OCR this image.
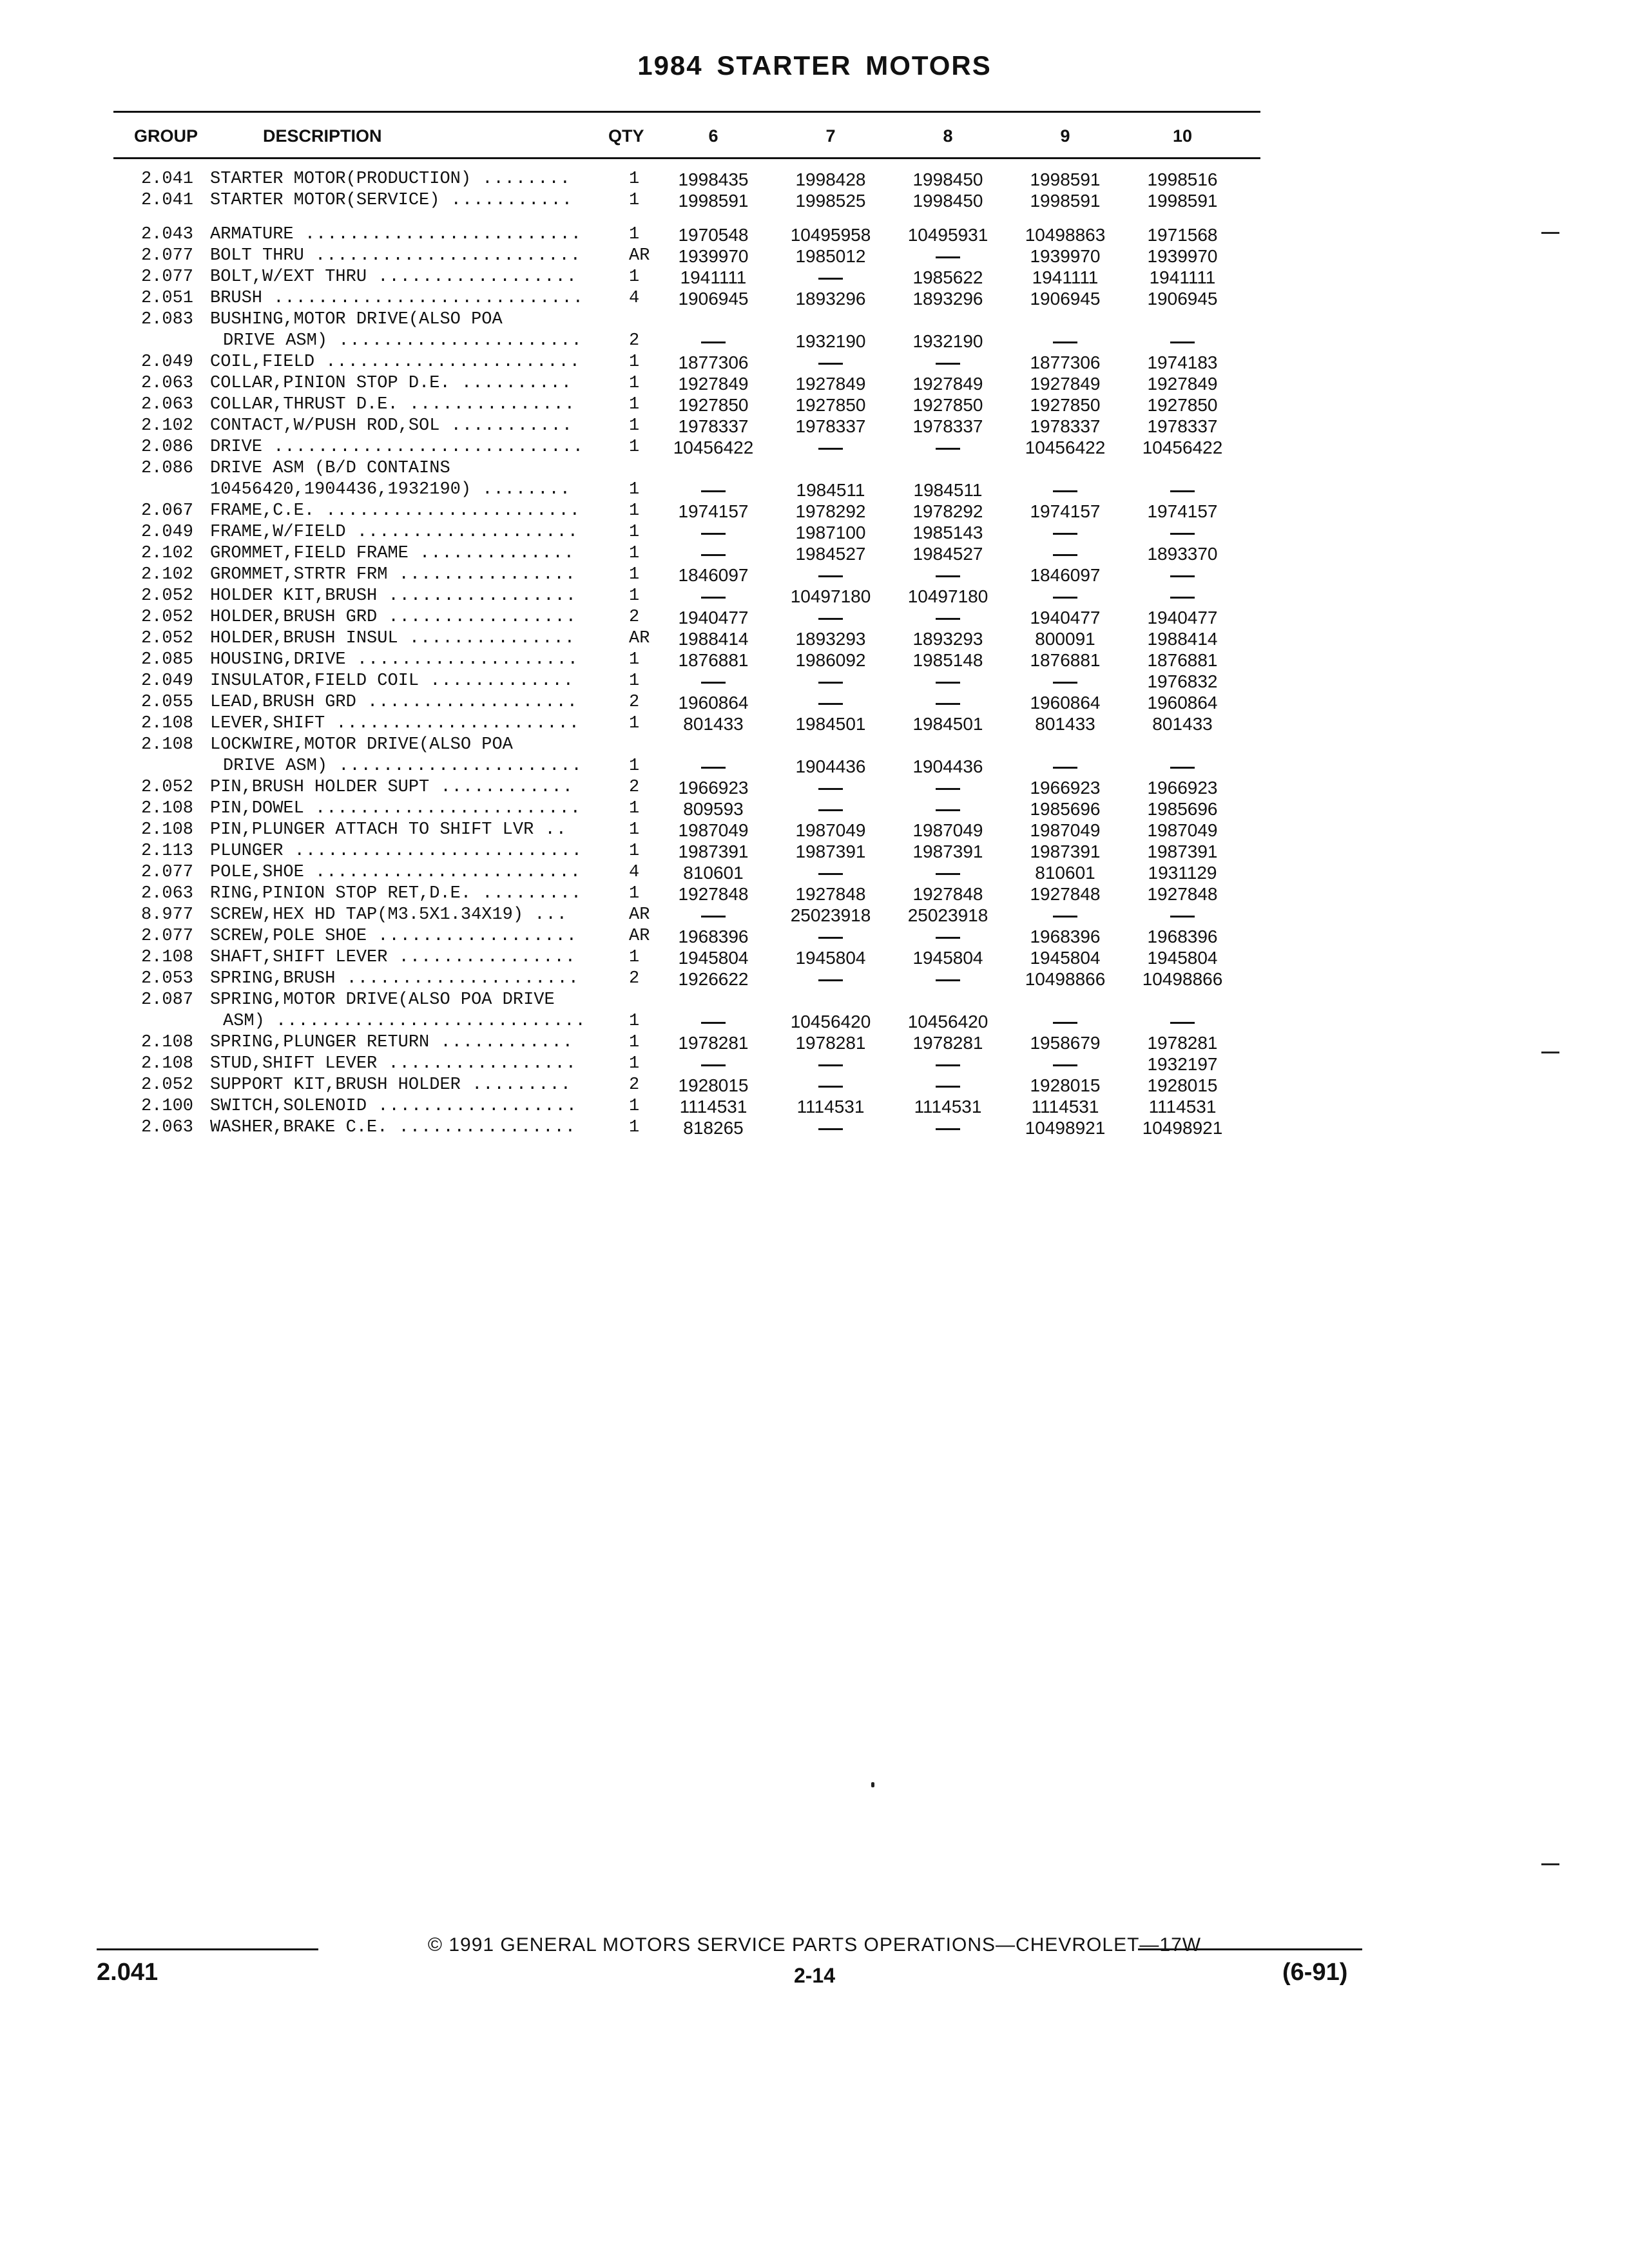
1984 STARTER MOTORS
GROUP	DESCRIPTION	QTY	6	7	8	9	10
2.041	STARTER MOTOR(PRODUCTION) ........	1	1998435	1998428	1998450	1998591	1998516
2.041	STARTER MOTOR(SERVICE) ...........	1	1998591	1998525	1998450	1998591	1998591

2.043	ARMATURE .........................	1	1970548	10495958	10495931	10498863	1971568
2.077	BOLT THRU ........................	AR	1939970	1985012		1939970	1939970
2.077	BOLT,W/EXT THRU ..................	1	1941111		1985622	1941111	1941111
2.051	BRUSH ............................	4	1906945	1893296	1893296	1906945	1906945
2.083	BUSHING,MOTOR DRIVE(ALSO POA						
	DRIVE ASM) ......................	2		1932190	1932190		
2.049	COIL,FIELD .......................	1	1877306			1877306	1974183
2.063	COLLAR,PINION STOP D.E. ..........	1	1927849	1927849	1927849	1927849	1927849
2.063	COLLAR,THRUST D.E. ...............	1	1927850	1927850	1927850	1927850	1927850
2.102	CONTACT,W/PUSH ROD,SOL ...........	1	1978337	1978337	1978337	1978337	1978337
2.086	DRIVE ............................	1	10456422			10456422	10456422
2.086	DRIVE ASM (B/D CONTAINS						
	10456420,1904436,1932190) ........	1		1984511	1984511		
2.067	FRAME,C.E. .......................	1	1974157	1978292	1978292	1974157	1974157
2.049	FRAME,W/FIELD ....................	1		1987100	1985143		
2.102	GROMMET,FIELD FRAME ..............	1		1984527	1984527		1893370
2.102	GROMMET,STRTR FRM ................	1	1846097			1846097	
2.052	HOLDER KIT,BRUSH .................	1		10497180	10497180		
2.052	HOLDER,BRUSH GRD .................	2	1940477			1940477	1940477
2.052	HOLDER,BRUSH INSUL ...............	AR	1988414	1893293	1893293	800091	1988414
2.085	HOUSING,DRIVE ....................	1	1876881	1986092	1985148	1876881	1876881
2.049	INSULATOR,FIELD COIL .............	1					1976832
2.055	LEAD,BRUSH GRD ...................	2	1960864			1960864	1960864
2.108	LEVER,SHIFT ......................	1	801433	1984501	1984501	801433	801433
2.108	LOCKWIRE,MOTOR DRIVE(ALSO POA						
	DRIVE ASM) ......................	1		1904436	1904436		
2.052	PIN,BRUSH HOLDER SUPT ............	2	1966923			1966923	1966923
2.108	PIN,DOWEL ........................	1	809593			1985696	1985696
2.108	PIN,PLUNGER ATTACH TO SHIFT LVR ..	1	1987049	1987049	1987049	1987049	1987049
2.113	PLUNGER ..........................	1	1987391	1987391	1987391	1987391	1987391
2.077	POLE,SHOE ........................	4	810601			810601	1931129
2.063	RING,PINION STOP RET,D.E. .........	1	1927848	1927848	1927848	1927848	1927848
8.977	SCREW,HEX HD TAP(M3.5X1.34X19) ...	AR		25023918	25023918		
2.077	SCREW,POLE SHOE ..................	AR	1968396			1968396	1968396
2.108	SHAFT,SHIFT LEVER ................	1	1945804	1945804	1945804	1945804	1945804
2.053	SPRING,BRUSH .....................	2	1926622			10498866	10498866
2.087	SPRING,MOTOR DRIVE(ALSO POA DRIVE						
	ASM) ............................	1		10456420	10456420		
2.108	SPRING,PLUNGER RETURN ............	1	1978281	1978281	1978281	1958679	1978281
2.108	STUD,SHIFT LEVER .................	1					1932197
2.052	SUPPORT KIT,BRUSH HOLDER .........	2	1928015			1928015	1928015
2.100	SWITCH,SOLENOID ..................	1	1114531	1114531	1114531	1114531	1114531
2.063	WASHER,BRAKE C.E. ................	1	818265			10498921	10498921
© 1991 GENERAL MOTORS SERVICE PARTS OPERATIONS—CHEVROLET—17W
2.041	2-14	(6-91)
